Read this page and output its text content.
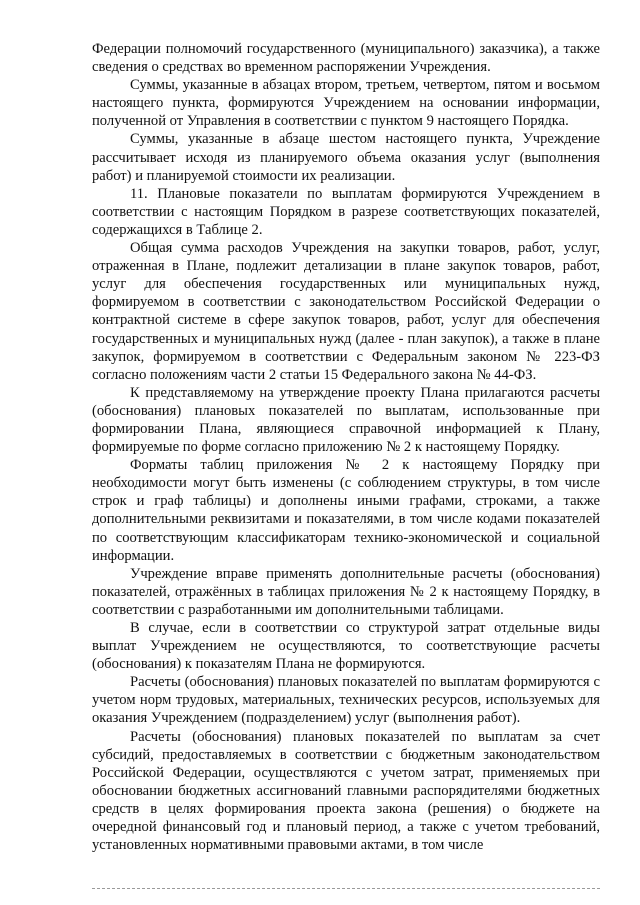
Федерации полномочий государственного (муниципального) заказчика), а также сведения о средствах во временном распоряжении Учреждения.

Суммы, указанные в абзацах втором, третьем, четвертом, пятом и восьмом настоящего пункта, формируются Учреждением на основании информации, полученной от Управления в соответствии с пунктом 9 настоящего Порядка.

Суммы, указанные в абзаце шестом настоящего пункта, Учреждение рассчитывает исходя из планируемого объема оказания услуг (выполнения работ) и планируемой стоимости их реализации.

11. Плановые показатели по выплатам формируются Учреждением в соответствии с настоящим Порядком в разрезе соответствующих показателей, содержащихся в Таблице 2.

Общая сумма расходов Учреждения на закупки товаров, работ, услуг, отраженная в Плане, подлежит детализации в плане закупок товаров, работ, услуг для обеспечения государственных или муниципальных нужд, формируемом в соответствии с законодательством Российской Федерации о контрактной системе в сфере закупок товаров, работ, услуг для обеспечения государственных и муниципальных нужд (далее - план закупок), а также в плане закупок, формируемом в соответствии с Федеральным законом № 223-ФЗ согласно положениям части 2 статьи 15 Федерального закона № 44-ФЗ.

К представляемому на утверждение проекту Плана прилагаются расчеты (обоснования) плановых показателей по выплатам, использованные при формировании Плана, являющиеся справочной информацией к Плану, формируемые по форме согласно приложению № 2 к настоящему Порядку.

Форматы таблиц приложения № 2 к настоящему Порядку при необходимости могут быть изменены (с соблюдением структуры, в том числе строк и граф таблицы) и дополнены иными графами, строками, а также дополнительными реквизитами и показателями, в том числе кодами показателей по соответствующим классификаторам технико-экономической и социальной информации.

Учреждение вправе применять дополнительные расчеты (обоснования) показателей, отражённых в таблицах приложения № 2 к настоящему Порядку, в соответствии с разработанными им дополнительными таблицами.

В случае, если в соответствии со структурой затрат отдельные виды выплат Учреждением не осуществляются, то соответствующие расчеты (обоснования) к показателям Плана не формируются.

Расчеты (обоснования) плановых показателей по выплатам формируются с учетом норм трудовых, материальных, технических ресурсов, используемых для оказания Учреждением (подразделением) услуг (выполнения работ).

Расчеты (обоснования) плановых показателей по выплатам за счет субсидий, предоставляемых в соответствии с бюджетным законодательством Российской Федерации, осуществляются с учетом затрат, применяемых при обосновании бюджетных ассигнований главными распорядителями бюджетных средств в целях формирования проекта закона (решения) о бюджете на очередной финансовый год и плановый период, а также с учетом требований, установленных нормативными правовыми актами, в том числе
